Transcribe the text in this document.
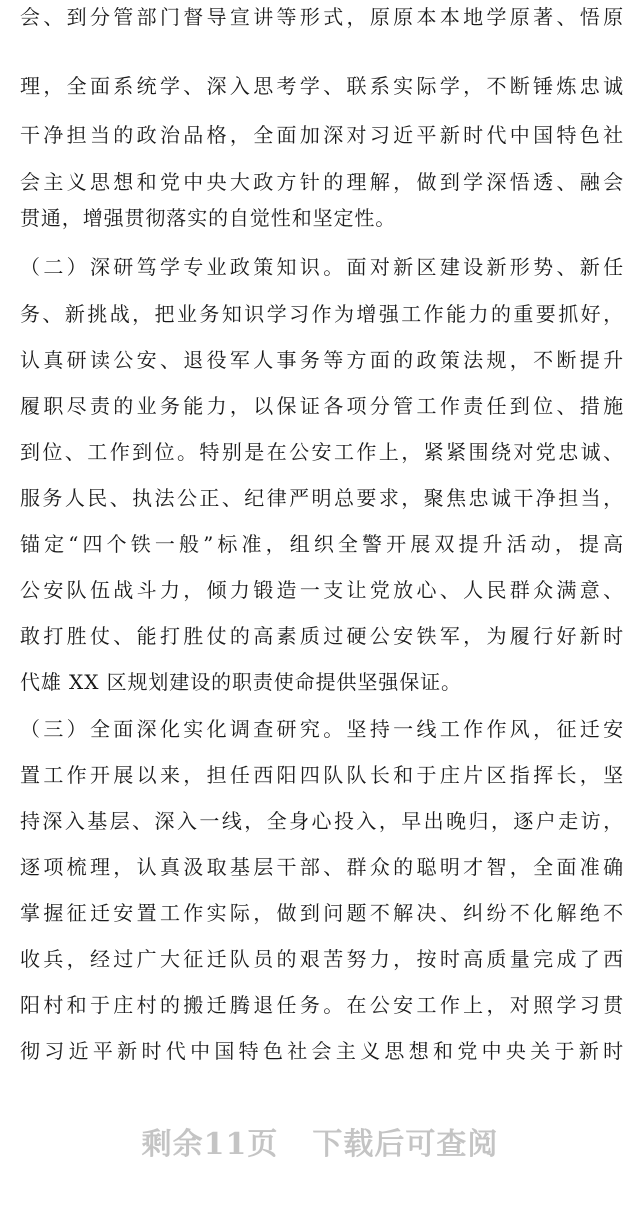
会、到分管部门督导宣讲等形式，原原本本地学原著、悟原
理，全面系统学、深入思考学、联系实际学，不断锤炼忠诚
干净担当的政治品格，全面加深对习近平新时代中国特色社
会主义思想和党中央大政方针的理解，做到学深悟透、融会
贯通，增强贯彻落实的自觉性和坚定性。
（二）深研笃学专业政策知识。面对新区建设新形势、新任
务、新挑战，把业务知识学习作为增强工作能力的重要抓好，
认真研读公安、退役军人事务等方面的政策法规，不断提升
履职尽责的业务能力，以保证各项分管工作责任到位、措施
到位、工作到位。特别是在公安工作上，紧紧围绕对党忠诚、
服务人民、执法公正、纪律严明总要求，聚焦忠诚干净担当，
锚定“四个铁一般”标准，组织全警开展双提升活动，提高
公安队伍战斗力，倾力锻造一支让党放心、人民群众满意、
敢打胜仗、能打胜仗的高素质过硬公安铁军，为履行好新时
代雄 XX 区规划建设的职责使命提供坚强保证。
（三）全面深化实化调查研究。坚持一线工作作风，征迁安
置工作开展以来，担任西阳四队队长和于庄片区指挥长，坚
持深入基层、深入一线，全身心投入，早出晚归，逐户走访，
逐项梳理，认真汲取基层干部、群众的聪明才智，全面准确
掌握征迁安置工作实际，做到问题不解决、纠纷不化解绝不
收兵，经过广大征迁队员的艰苦努力，按时高质量完成了西
阳村和于庄村的搬迁腾退任务。在公安工作上，对照学习贯
彻习近平新时代中国特色社会主义思想和党中央关于新时
剩余11页 下载后可查阅
